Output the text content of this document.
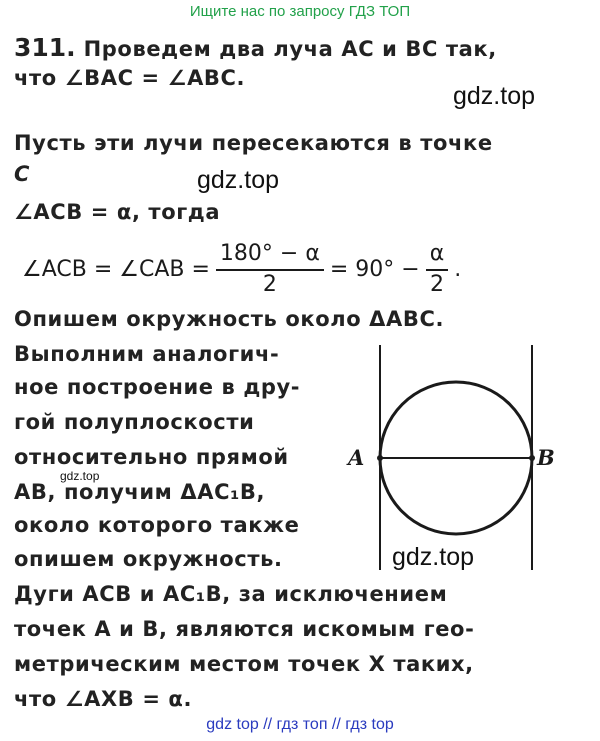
Ищите нас по запросу ГДЗ ТОП
311. Проведем два луча AC и BC так,
что ∠BAC = ∠ABC.
gdz.top
Пусть эти лучи пересекаются в точке
C	gdz.top
∠ACB = α, тогда
∠ACB = ∠CAB = $\frac{180^\circ - \alpha}{2} = 90^\circ - \frac{\alpha}{2}$ .
Опишем окружность около ΔABC.
Выполним аналогич-
ное построение в дру-
гой полуплоскости
относительно прямой
gdz.top
AB, получим ΔAC₁B,
около которого также
опишем окружность.	gdz.top
Дуги ACB и AC₁B, за исключением
точек A и B, являются искомым гео-
метрическим местом точек X таких,
что ∠AXB = α.
A	B
gdz top // гдз топ // гдз top
